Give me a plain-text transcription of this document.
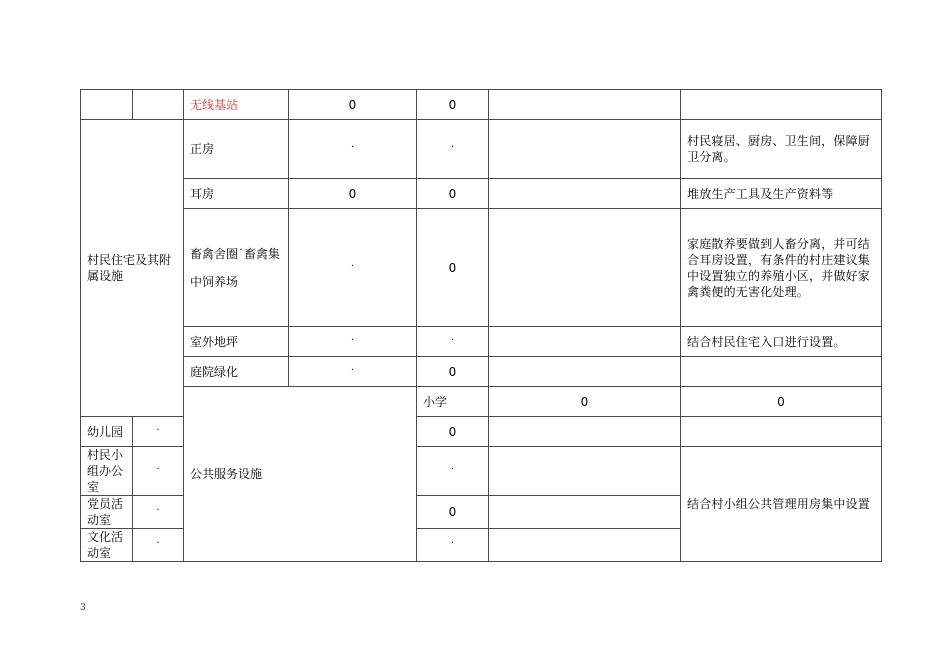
		无线基站	0	0			
村民住宅及其附属设施		正房	·	·		村民寝居、厨房、卫生间，保障厨卫分离。	
		耳房	0	0		堆放生产工具及生产资料等	
		畜禽舍圈˙畜禽集中饲养场	·	0		家庭散养要做到人畜分离，并可结合耳房设置，有条件的村庄建议集中设置独立的养殖小区，并做好家禽粪便的无害化处理。	
		室外地坪	·	·		结合村民住宅入口进行设置。	
		庭院绿化	·	0			
		公共服务设施		小学	0	0		
幼儿园	·			0			
村民小组办公室	·			·		结合村小组公共管理用房集中设置	
党员活动室	·			0			
文化活动室	·			·			
3
